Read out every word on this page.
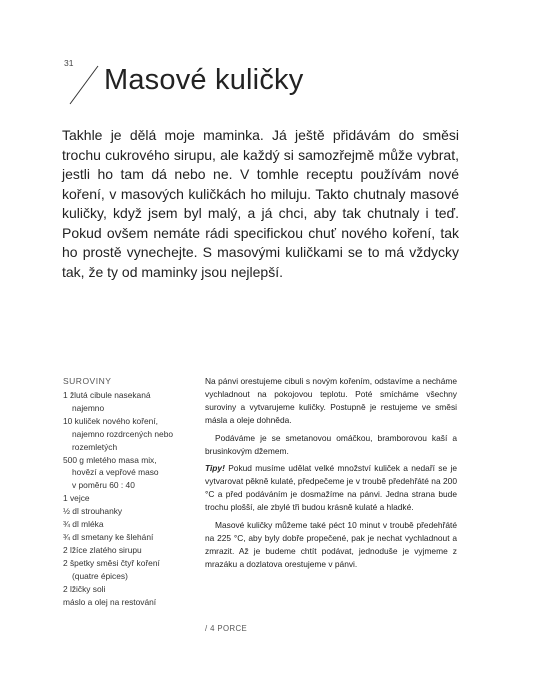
31
Masové kuličky

Takhle je dělá moje maminka. Já ještě přidávám do směsi trochu cukrového sirupu, ale každý si samozřejmě může vybrat, jestli ho tam dá nebo ne. V tomhle receptu používám nové koření, v masových kuličkách ho miluju. Takto chutnaly masové kuličky, když jsem byl malý, a já chci, aby tak chutnaly i teď. Pokud ovšem nemáte rádi specifickou chuť nového koření, tak ho prostě vynechejte. S masovými kuličkami se to má vždycky tak, že ty od maminky jsou nejlepší.

SUROVINY
1 žlutá cibule nasekaná
najemno
10 kuliček nového koření,
najemno rozdrcených nebo
rozemletých
500 g mletého masa mix,
hovězí a vepřové maso
v poměru 60 : 40
1 vejce
½ dl strouhanky
¾ dl mléka
¾ dl smetany ke šlehání
2 lžíce zlatého sirupu
2 špetky směsi čtyř koření
(quatre épices)
2 lžičky soli
máslo a olej na restování

Na pánvi orestujeme cibuli s novým kořením, odstavíme a necháme vychladnout na pokojovou teplotu. Poté smícháme všechny suroviny a vytvarujeme kuličky. Postupně je restujeme ve směsi másla a oleje dohněda.

Podáváme je se smetanovou omáčkou, bramborovou kaší a brusinkovým džemem.

Tipy! Pokud musíme udělat velké množství kuliček a nedaří se je vytvarovat pěkně kulaté, předpečeme je v troubě předehřáté na 200 °C a před podáváním je dosmažíme na pánvi. Jedna strana bude trochu plošší, ale zbylé tři budou krásně kulaté a hladké.

Masové kuličky můžeme také péct 10 minut v troubě předehřáté na 225 °C, aby byly dobře propečené, pak je nechat vychladnout a zmrazit. Až je budeme chtít podávat, jednoduše je vyjmeme z mrazáku a dozlatova orestujeme v pánvi.

/ 4 PORCE
